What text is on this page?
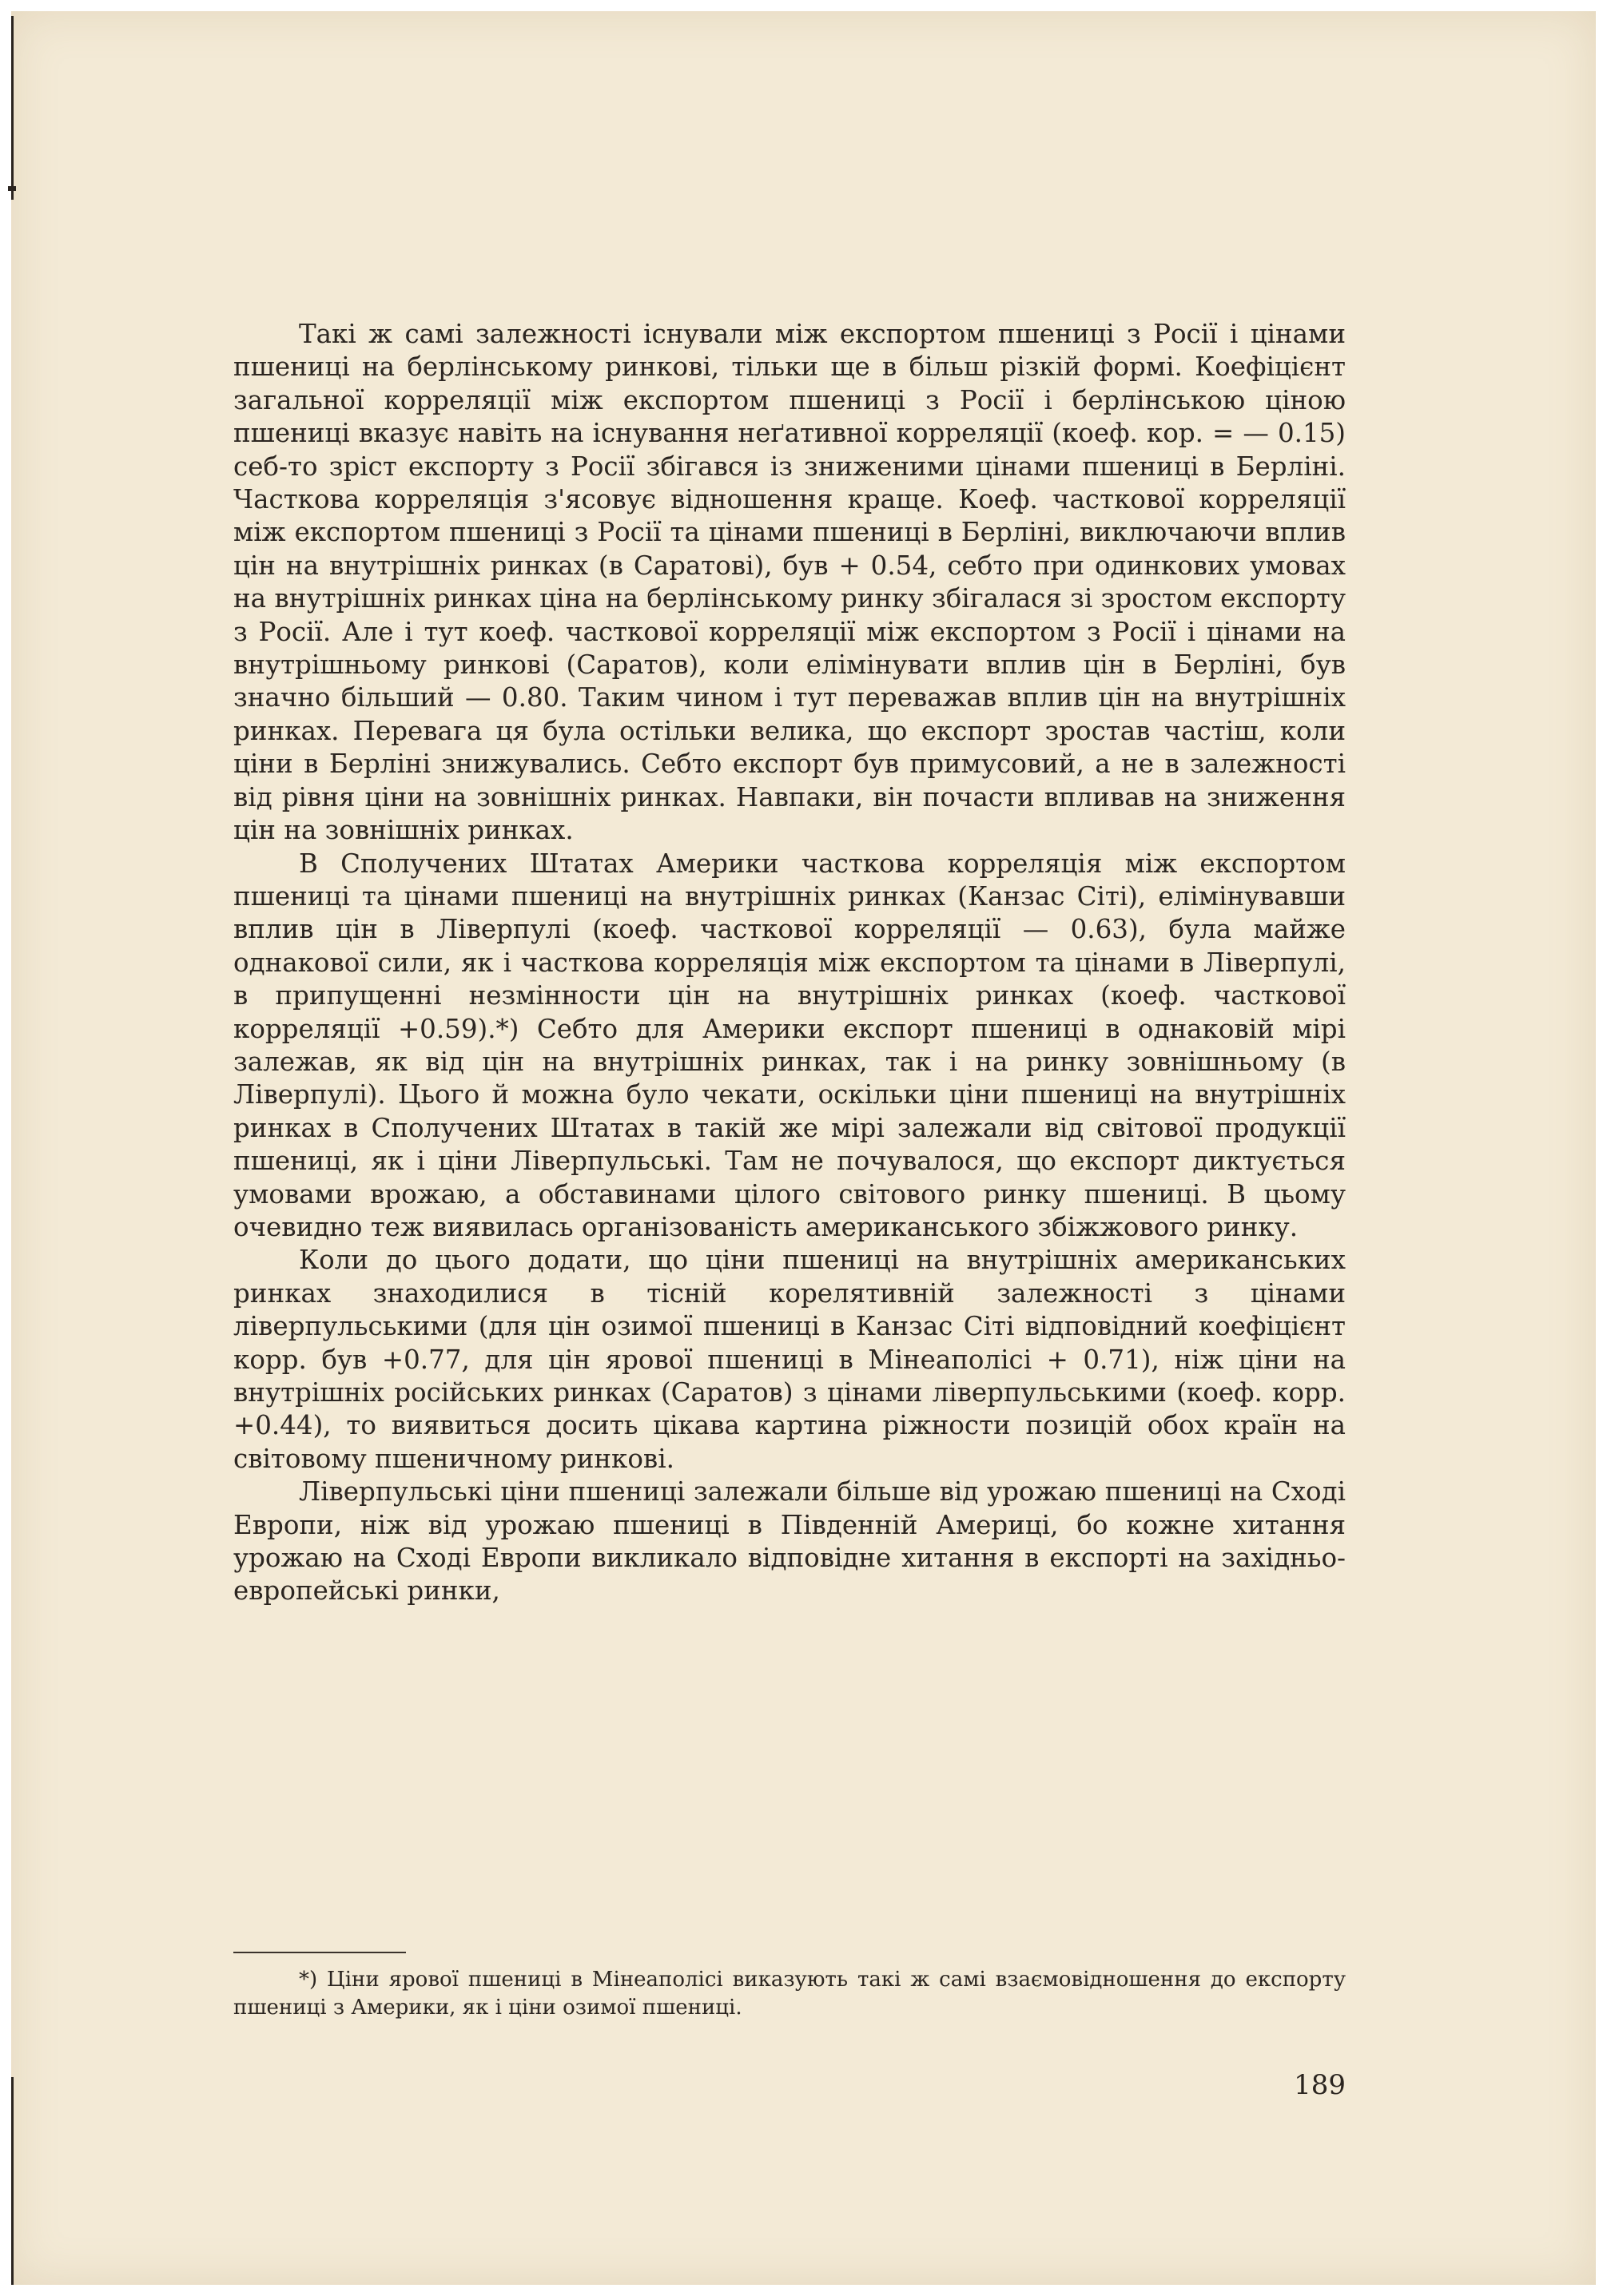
Такі ж самі залежності існували між експортом пшениці з Росії і цінами пшениці на берлінському ринкові, тільки ще в більш різкій формі. Коефіцієнт загальної корреляції між експортом пшениці з Росії і берлінською ціною пшениці вказує навіть на існування неґативної корреляції (коеф. кор. = — 0.15) себ-то зріст експорту з Росії збігався із зниженими цінами пшениці в Берліні. Часткова корреляція з'ясовує відношення краще. Коеф. часткової корреляції між експортом пшениці з Росії та цінами пшениці в Берліні, виключаючи вплив цін на внутрішніх ринках (в Саратові), був + 0.54, себто при одинкових умовах на внутрішніх ринках ціна на берлінському ринку збігалася зі зростом експорту з Росії. Але і тут коеф. часткової корреляції між експортом з Росії і цінами на внутрішньому ринкові (Саратов), коли елімінувати вплив цін в Берліні, був значно більший — 0.80. Таким чином і тут переважав вплив цін на внутрішніх ринках. Перевага ця була остільки велика, що експорт зростав частіш, коли ціни в Берліні знижувались. Себто експорт був примусовий, а не в залежності від рівня ціни на зовнішніх ринках. Навпаки, він почасти впливав на зниження цін на зовнішніх ринках.

В Сполучених Штатах Америки часткова корреляція між експортом пшениці та цінами пшениці на внутрішніх ринках (Канзас Сіті), елімінувавши вплив цін в Ліверпулі (коеф. часткової корреляції — 0.63), була майже однакової сили, як і часткова корреляція між експортом та цінами в Ліверпулі, в припущенні незмінности цін на внутрішніх ринках (коеф. часткової корреляції +0.59).*) Себто для Америки експорт пшениці в однаковій мірі залежав, як від цін на внутрішніх ринках, так і на ринку зовнішньому (в Ліверпулі). Цього й можна було чекати, оскільки ціни пшениці на внутрішніх ринках в Сполучених Штатах в такій же мірі залежали від світової продукції пшениці, як і ціни Ліверпульські. Там не почувалося, що експорт диктується умовами врожаю, а обставинами цілого світового ринку пшениці. В цьому очевидно теж виявилась організованість американського збіжжового ринку.

Коли до цього додати, що ціни пшениці на внутрішніх американських ринках знаходилися в тісній корелятивній залежності з цінами ліверпульськими (для цін озимої пшениці в Канзас Сіті відповідний коефіцієнт корр. був +0.77, для цін ярової пшениці в Мінеаполісі + 0.71), ніж ціни на внутрішніх російських ринках (Саратов) з цінами ліверпульськими (коеф. корр. +0.44), то виявиться досить цікава картина ріжности позицій обох країн на світовому пшеничному ринкові.

Ліверпульські ціни пшениці залежали більше від урожаю пшениці на Сході Европи, ніж від урожаю пшениці в Південній Америці, бо кожне хитання урожаю на Сході Европи викликало відповідне хитання в експорті на західньо-европейські ринки,

*) Ціни ярової пшениці в Мінеаполісі виказують такі ж самі взаємовідношення до експорту пшениці з Америки, як і ціни озимої пшениці.
189
